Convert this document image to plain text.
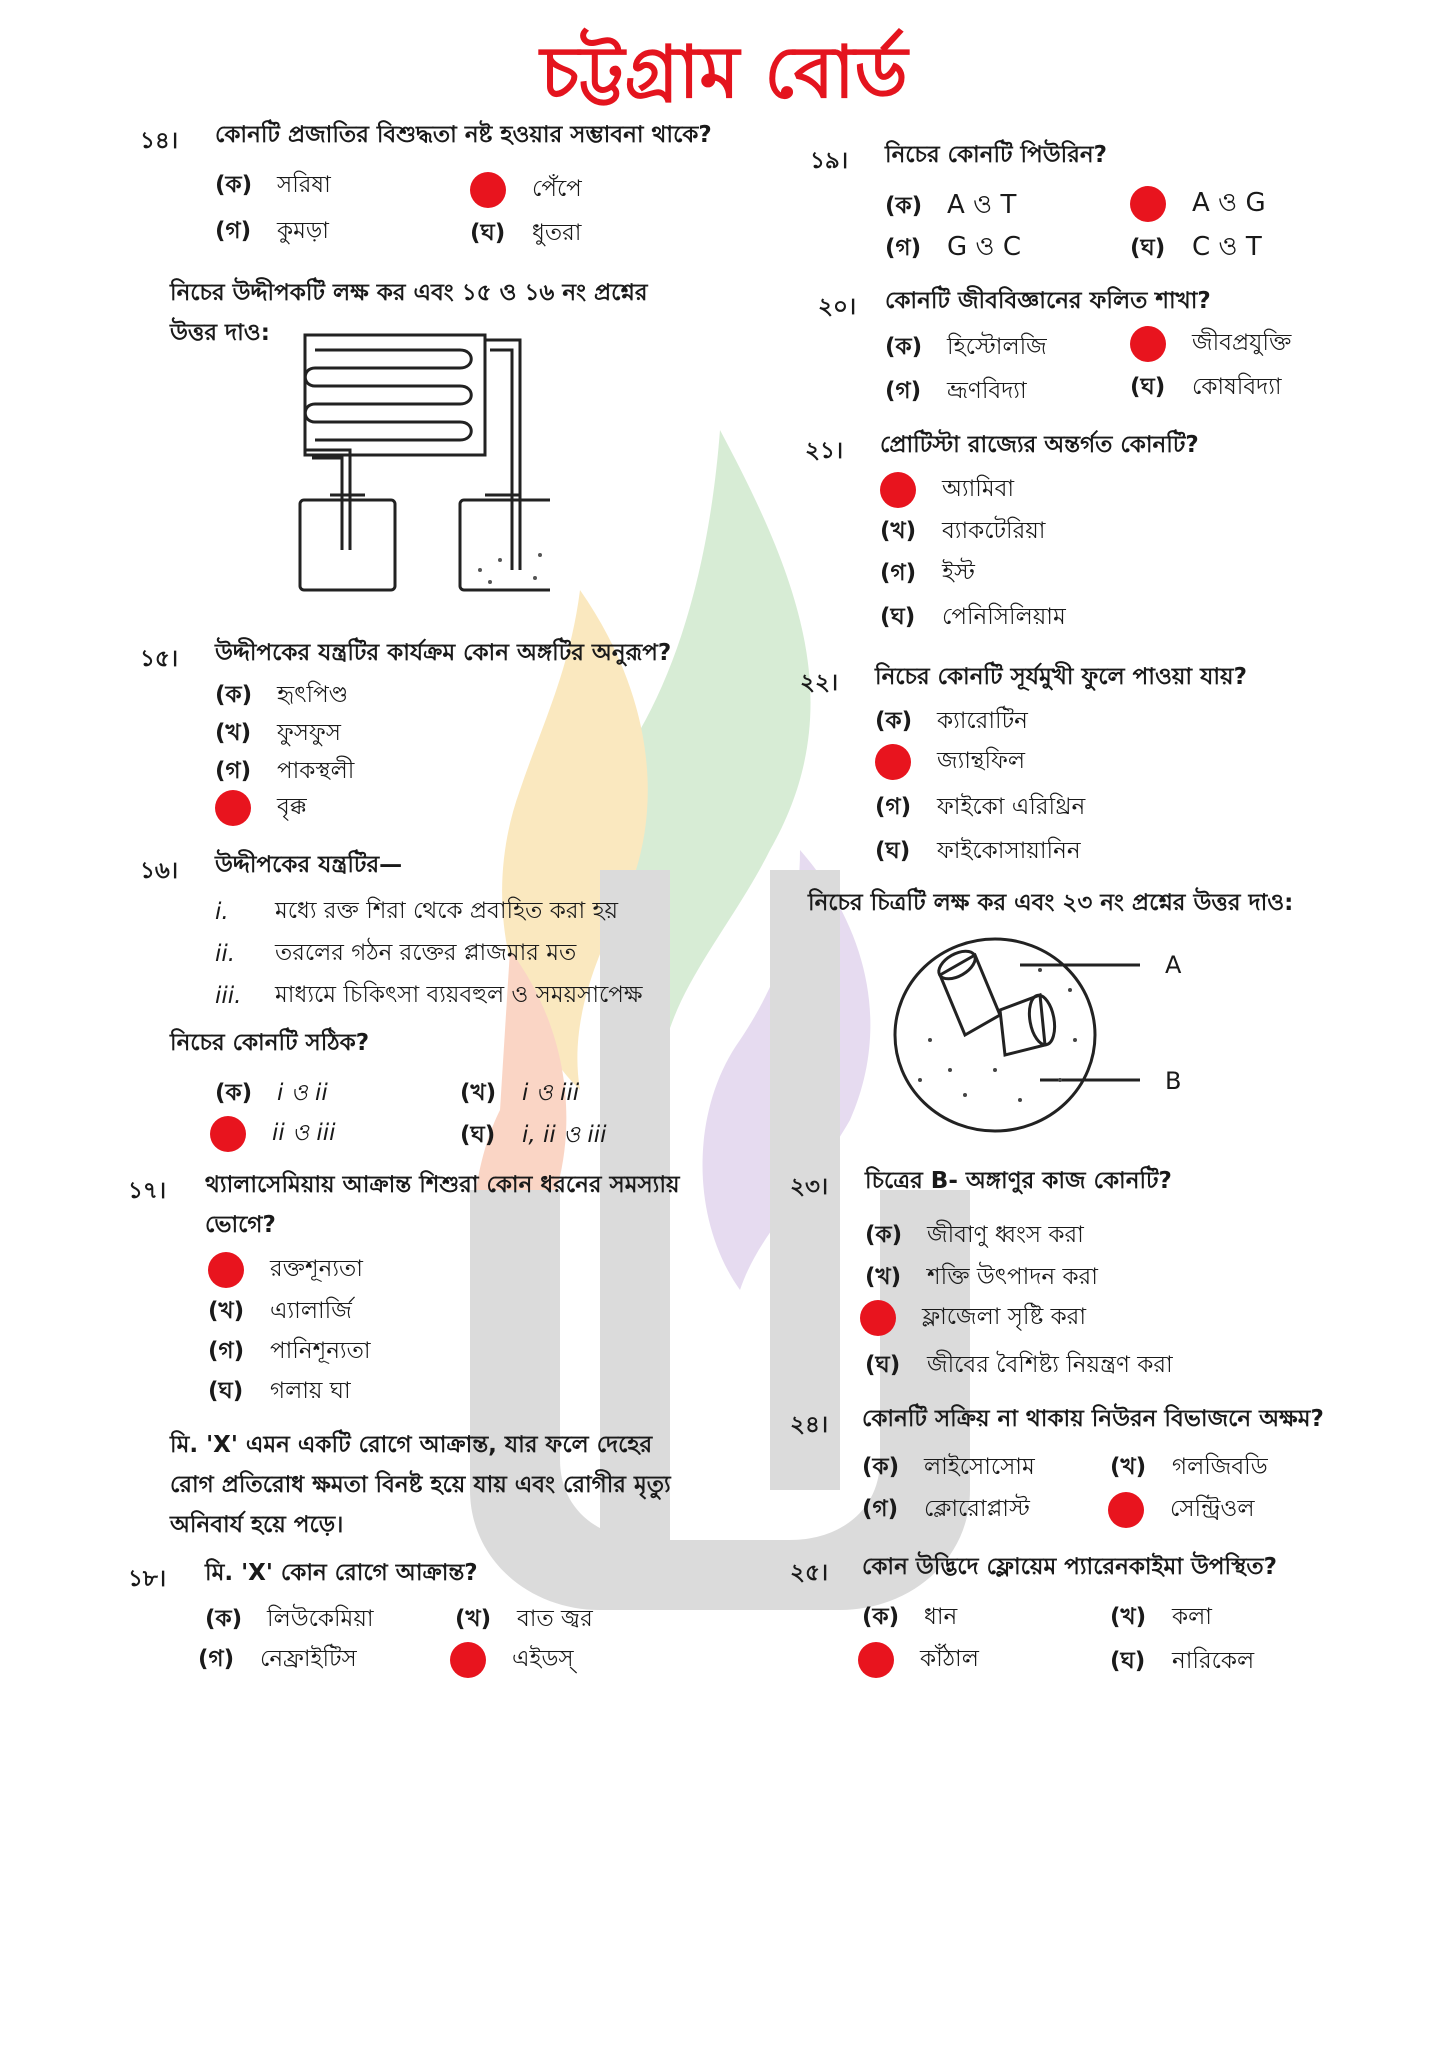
চট্টগ্রাম বোর্ড
১৪। কোনটি প্রজাতির বিশুদ্ধতা নষ্ট হওয়ার সম্ভাবনা থাকে?
(ক)	সরিষা	পেঁপে
(গ)	কুমড়া	(ঘ)	ধুতরা
নিচের উদ্দীপকটি লক্ষ কর এবং ১৫ ও ১৬ নং প্রশ্নের
উত্তর দাও:
১৫। উদ্দীপকের যন্ত্রটির কার্যক্রম কোন অঙ্গটির অনুরূপ?
(ক)	হৃৎপিণ্ড
(খ)	ফুসফুস
(গ)	পাকস্থলী
বৃক্ক
১৬। উদ্দীপকের যন্ত্রটির—
i.	মধ্যে রক্ত শিরা থেকে প্রবাহিত করা হয়
ii.	তরলের গঠন রক্তের প্লাজমার মত
iii.	মাধ্যমে চিকিৎসা ব্যয়বহুল ও সময়সাপেক্ষ
নিচের কোনটি সঠিক?
(ক)	i ও ii	(খ)	i ও iii
ii ও iii	(ঘ)	i, ii ও iii
১৭। থ্যালাসেমিয়ায় আক্রান্ত শিশুরা কোন ধরনের সমস্যায়
ভোগে?
রক্তশূন্যতা
(খ)	এ্যালার্জি
(গ)	পানিশূন্যতা
(ঘ)	গলায় ঘা
মি. 'X' এমন একটি রোগে আক্রান্ত, যার ফলে দেহের
রোগ প্রতিরোধ ক্ষমতা বিনষ্ট হয়ে যায় এবং রোগীর মৃত্যু
অনিবার্য হয়ে পড়ে।
১৮। মি. 'X' কোন রোগে আক্রান্ত?
(ক)	লিউকেমিয়া	(খ)	বাত জ্বর
(গ)	নেফ্রাইটিস	এইডস্
১৯। নিচের কোনটি পিউরিন?
(ক) A ও T	A ও G
(গ) G ও C	(ঘ)	C ও T
২০। কোনটি জীববিজ্ঞানের ফলিত শাখা?
(ক)	হিস্টোলজি	জীবপ্রযুক্তি
(গ)	ভ্রূণবিদ্যা	(ঘ)	কোষবিদ্যা
২১। প্রোটিস্টা রাজ্যের অন্তর্গত কোনটি?
অ্যামিবা
(খ)	ব্যাকটেরিয়া
(গ)	ইস্ট
(ঘ)	পেনিসিলিয়াম
২২। নিচের কোনটি সূর্যমুখী ফুলে পাওয়া যায়?
(ক)	ক্যারোটিন
জ্যান্থফিল
(গ)	ফাইকো এরিথ্রিন
(ঘ)	ফাইকোসায়ানিন
নিচের চিত্রটি লক্ষ কর এবং ২৩ নং প্রশ্নের উত্তর দাও:
A
B
২৩। চিত্রের B- অঙ্গাণুর কাজ কোনটি?
(ক)	জীবাণু ধ্বংস করা
(খ)	শক্তি উৎপাদন করা
ফ্লাজেলা সৃষ্টি করা
(ঘ)	জীবের বৈশিষ্ট্য নিয়ন্ত্রণ করা
২৪। কোনটি সক্রিয় না থাকায় নিউরন বিভাজনে অক্ষম?
(ক)	লাইসোসোম	(খ)	গলজিবডি
(গ)	ক্লোরোপ্লাস্ট	সেন্ট্রিওল
২৫। কোন উদ্ভিদে ফ্লোয়েম প্যারেনকাইমা উপস্থিত?
(ক)	ধান	(খ)	কলা
কাঁঠাল	(ঘ)	নারিকেল
